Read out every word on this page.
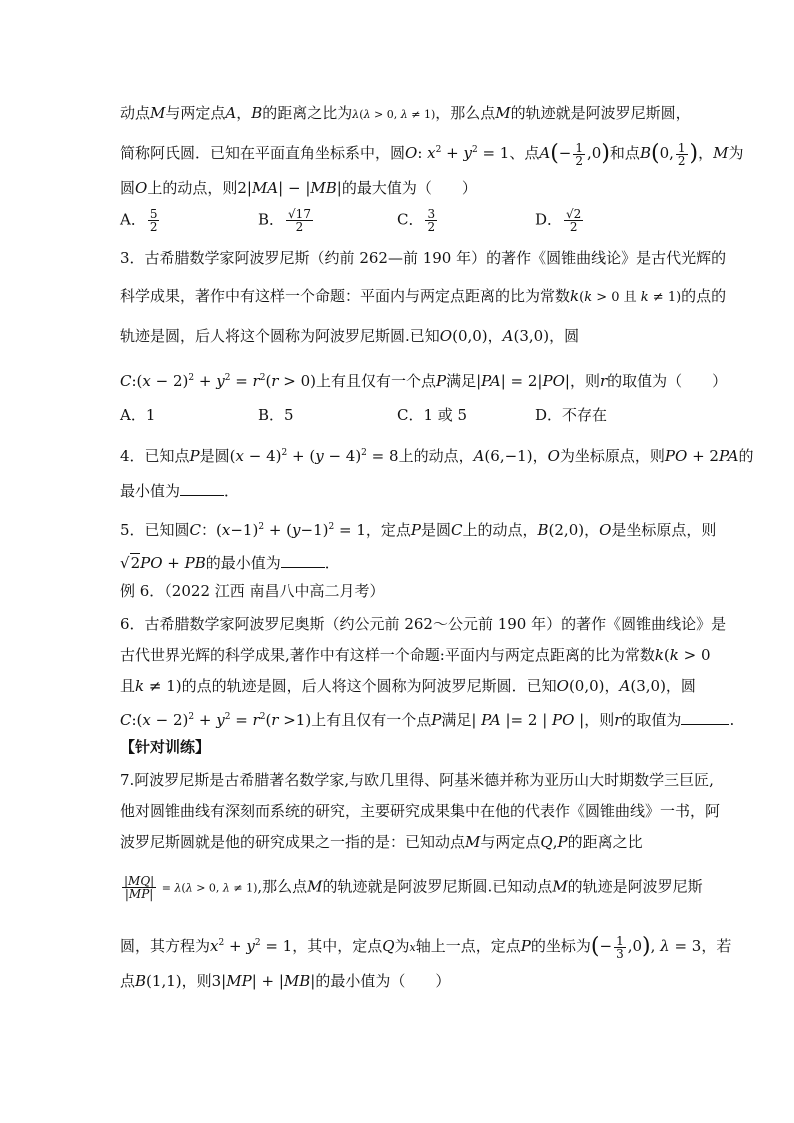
动点M与两定点A，B的距离之比为λ(λ > 0, λ ≠ 1)，那么点M的轨迹就是阿波罗尼斯圆，
简称阿氏圆．已知在平面直角坐标系中，圆O: $x^2 + y^2 = 1$、点$A(- \frac{1}{2} ,0)$和点B(0, $\frac{1}{2}$ )，M为
圆O上的动点，则2|MA| − |MB|的最大值为（　　）
A． $\frac{5}{2}$	B． $\frac{√17}{2}$	C． $\frac{3}{2}$	D． $\frac{√2}{2}$
3．古希腊数学家阿波罗尼斯（约前 262—前 190 年）的著作《圆锥曲线论》是古代光辉的
科学成果，著作中有这样一个命题：平面内与两定点距离的比为常数k(k > 0 且 k ≠ 1)的点的
轨迹是圆，后人将这个圆称为阿波罗尼斯圆.已知O(0,0)，A(3,0)，圆
C:(x − $2)^2 + y^2 = r^2(r > 0)$上有且仅有一个点P满足|PA| = 2|PO|，则r的取值为（　　）
A．1	B．5	C．1 或 5	D．不存在
4．已知点P是圆$(x - 4)^2 + (y - 4)^2 = 8$上的动点，A(6,−1)，O为坐标原点，则PO + 2PA的
最小值为	．
5．已知圆C：$(x-1)^2 + (y-1)^2 = 1$，定点P是圆C上的动点，B(2,0)，O是坐标原点，则
√2PO + PB的最小值为	．
例 6．（2022 江西 南昌八中高二月考）
6．古希腊数学家阿波罗尼奥斯（约公元前 262～公元前 190 年）的著作《圆锥曲线论》是
古代世界光辉的科学成果,著作中有这样一个命题:平面内与两定点距离的比为常数k(k > 0
且k ≠ 1)的点的轨迹是圆，后人将这个圆称为阿波罗尼斯圆．已知O(0,0)，A(3,0)，圆
C:(x − $2)^2 + y^2 = r^2(r >1)$上有且仅有一个点P满足| PA |= 2 | PO |，则r的取值为	.
【针对训练】
7.阿波罗尼斯是古希腊著名数学家,与欧几里得、阿基米德并称为亚历山大时期数学三巨匠,
他对圆锥曲线有深刻而系统的研究，主要研究成果集中在他的代表作《圆锥曲线》一书，阿
波罗尼斯圆就是他的研究成果之一指的是：已知动点M与两定点Q,P的距离之比
$\frac{|MQ|}{|MP|} = \lambda(\lambda > 0$, λ ≠ 1),那么点M的轨迹就是阿波罗尼斯圆.已知动点M的轨迹是阿波罗尼斯
圆，其方程为$x^2 + y^2 = 1$，其中，定点Q为x轴上一点，定点P的坐标为(− $\frac{1}{3} ,0$), λ = 3，若
点B(1,1)，则3|MP| + |MB|的最小值为（　　）
